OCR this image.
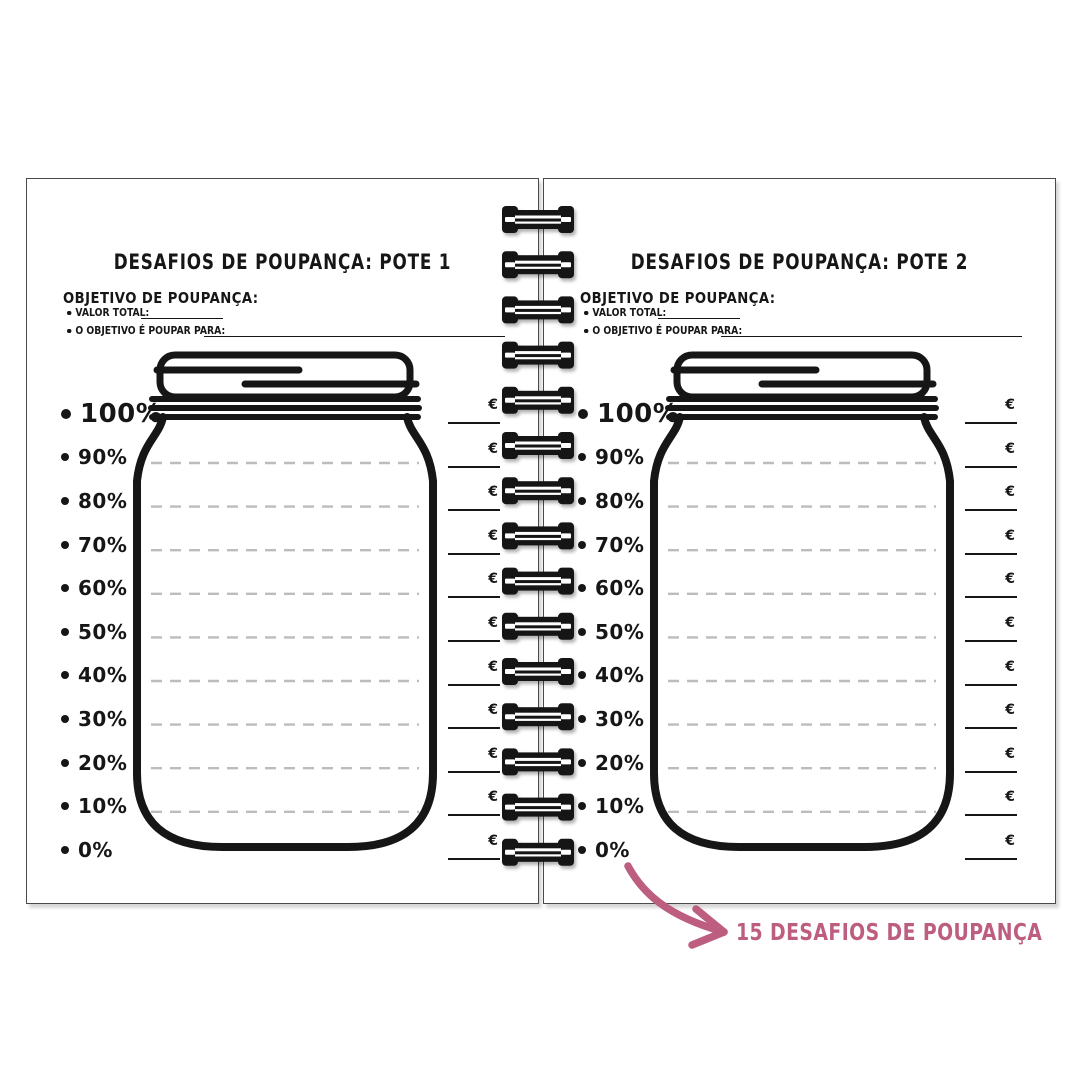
DESAFIOS DE POUPANÇA: POTE 1
OBJETIVO DE POUPANÇA:
VALOR TOTAL:
O OBJETIVO É POUPAR PARA:
100%
90%
80%
70%
60%
50%
40%
30%
20%
10%
0%
€
€
€
€
€
€
€
€
€
€
€
DESAFIOS DE POUPANÇA: POTE 2
OBJETIVO DE POUPANÇA:
VALOR TOTAL:
O OBJETIVO É POUPAR PARA:
100%
90%
80%
70%
60%
50%
40%
30%
20%
10%
0%
€
€
€
€
€
€
€
€
€
€
€
15 DESAFIOS DE POUPANÇA
